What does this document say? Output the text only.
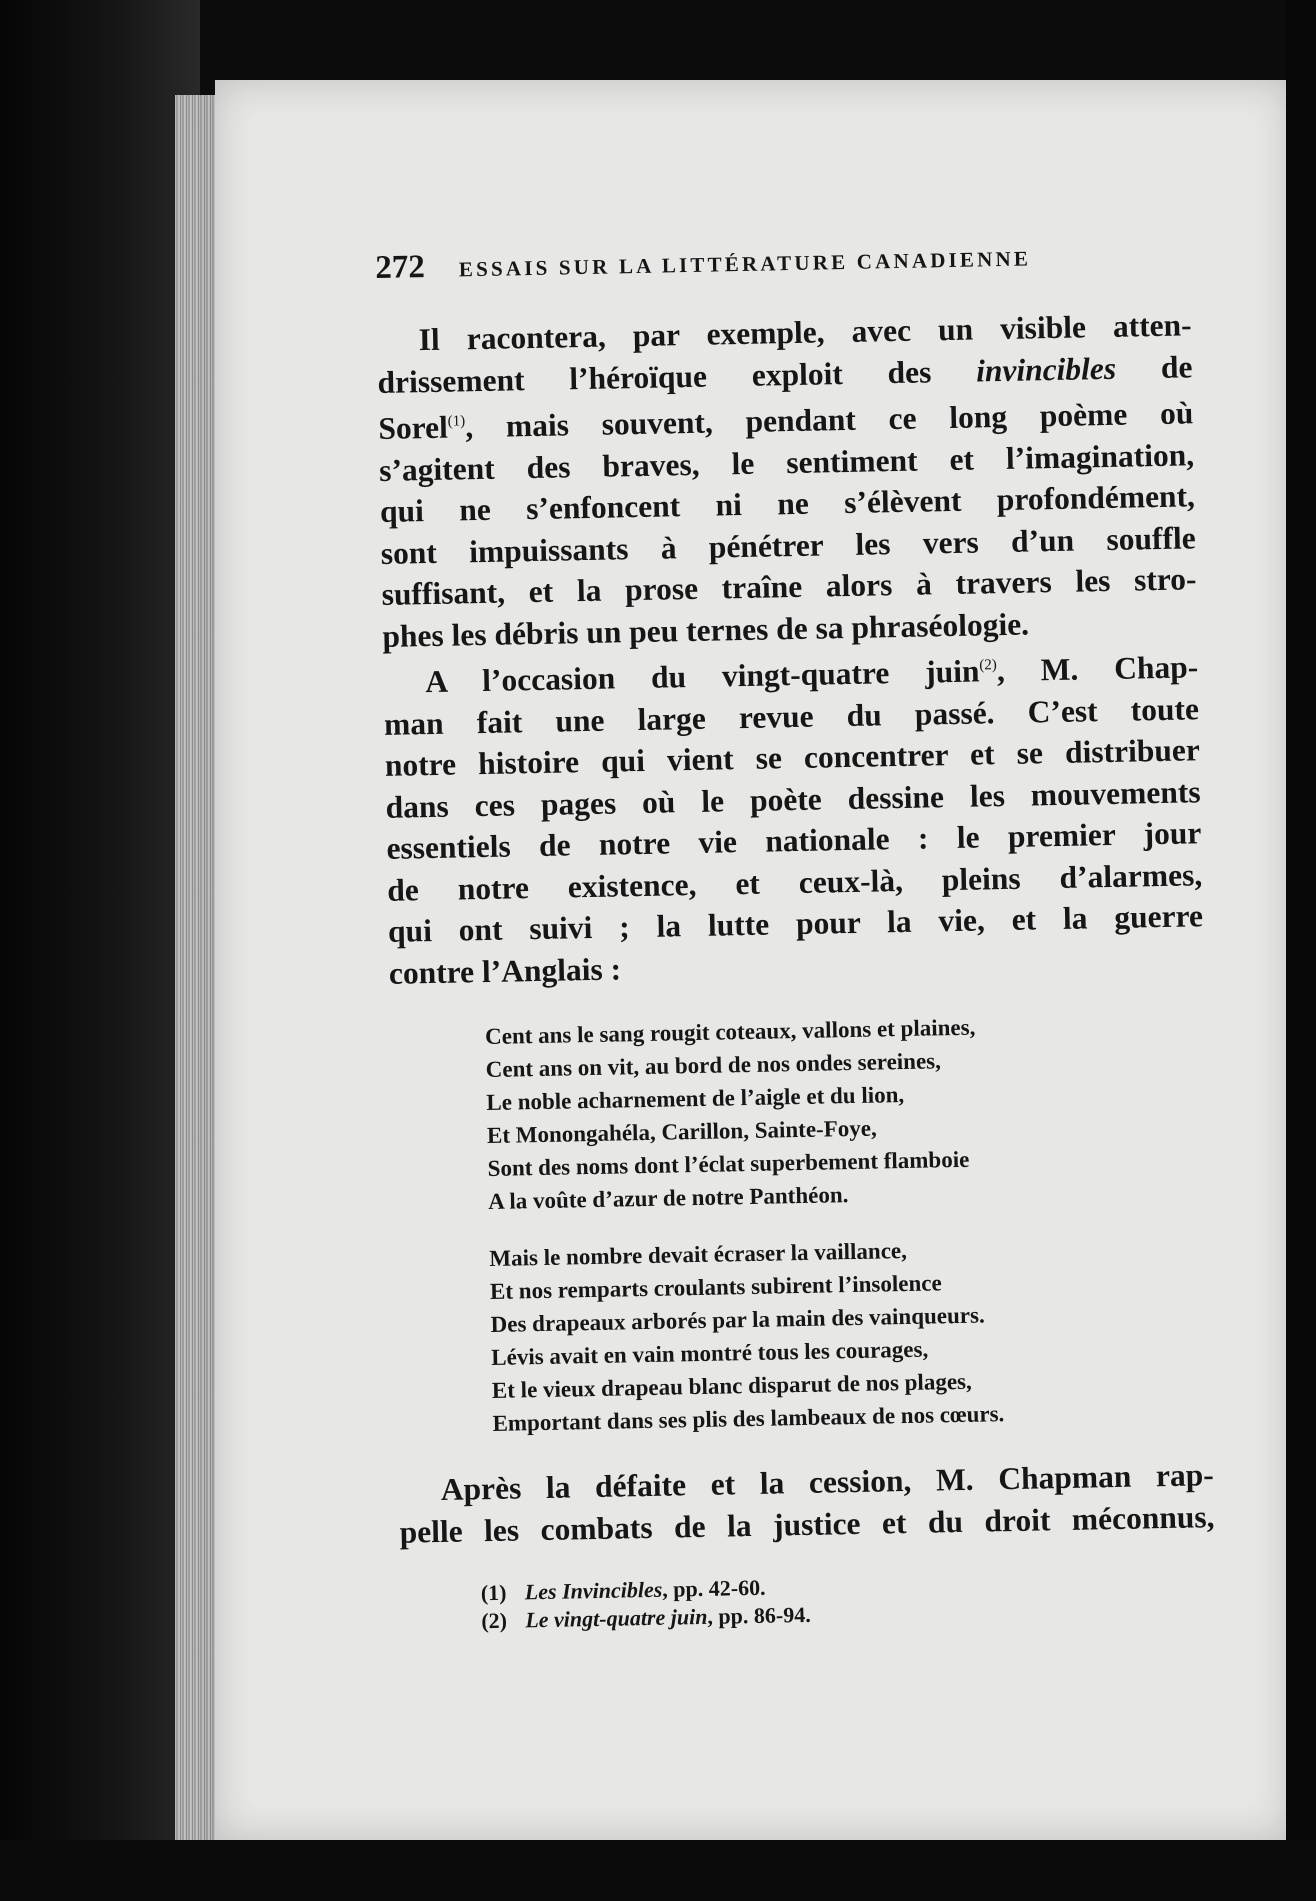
272 ESSAIS SUR LA LITTÉRATURE CANADIENNE

Il racontera, par exemple, avec un visible atten-
drissement l’héroïque exploit des invincibles de
Sorel$^{(1)}$, mais souvent, pendant ce long poème où
s’agitent des braves, le sentiment et l’imagination,
qui ne s’enfoncent ni ne s’élèvent profondément,
sont impuissants à pénétrer les vers d’un souffle
suffisant, et la prose traîne alors à travers les stro-
phes les débris un peu ternes de sa phraséologie.

A l’occasion du vingt-quatre juin$^{(2)}$, M. Chap-
man fait une large revue du passé. C’est toute
notre histoire qui vient se concentrer et se distribuer
dans ces pages où le poète dessine les mouvements
essentiels de notre vie nationale : le premier jour
de notre existence, et ceux-là, pleins d’alarmes,
qui ont suivi ; la lutte pour la vie, et la guerre
contre l’Anglais :

Cent ans le sang rougit coteaux, vallons et plaines,
Cent ans on vit, au bord de nos ondes sereines,
Le noble acharnement de l’aigle et du lion,
Et Monongahéla, Carillon, Sainte-Foye,
Sont des noms dont l’éclat superbement flamboie
A la voûte d’azur de notre Panthéon.

Mais le nombre devait écraser la vaillance,
Et nos remparts croulants subirent l’insolence
Des drapeaux arborés par la main des vainqueurs.
Lévis avait en vain montré tous les courages,
Et le vieux drapeau blanc disparut de nos plages,
Emportant dans ses plis des lambeaux de nos cœurs.

Après la défaite et la cession, M. Chapman rap-
pelle les combats de la justice et du droit méconnus,

(1) Les Invincibles, pp. 42-60.
(2) Le vingt-quatre juin, pp. 86-94.
